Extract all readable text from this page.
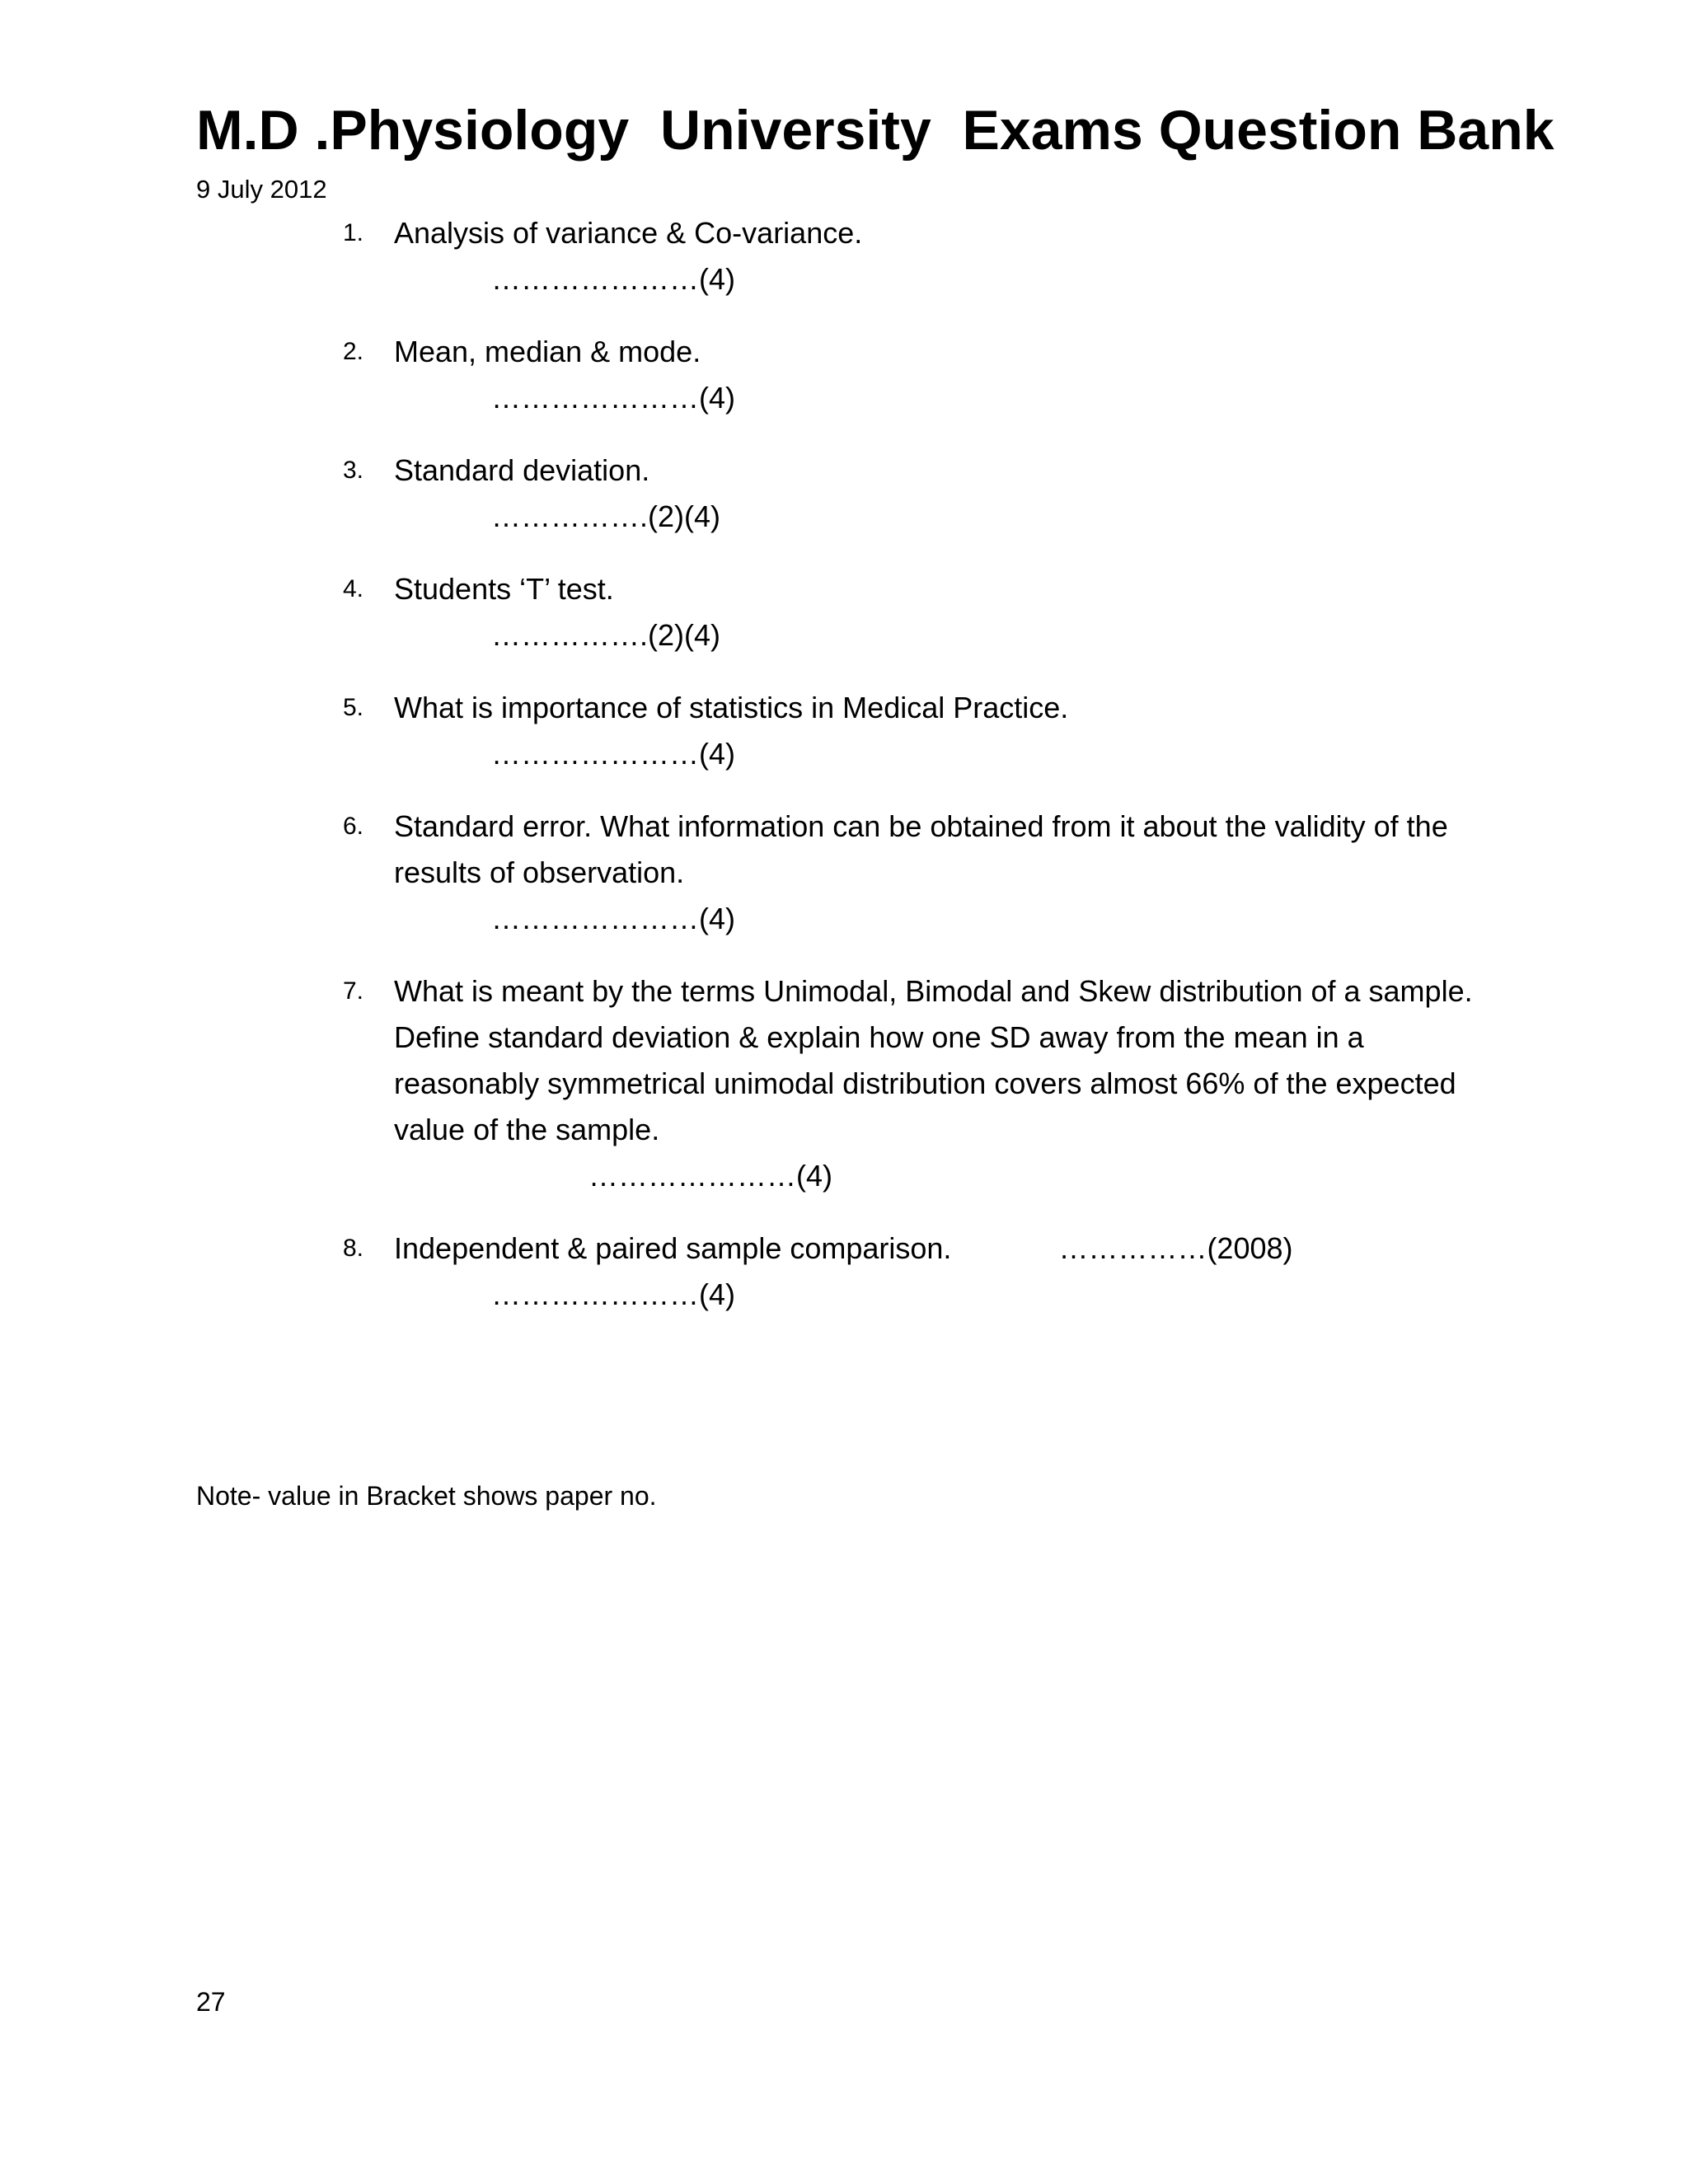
M.D .Physiology  University  Exams Question Bank
9 July 2012
1. Analysis of variance & Co-variance.
…………………(4)
2. Mean, median & mode.
…………………(4)
3. Standard deviation.
…………….(2)(4)
4. Students ‘T’ test.
…………….(2)(4)
5. What is importance of statistics in Medical Practice.
…………………(4)
6. Standard error. What information can be obtained from it about the validity of the results of observation.
…………………(4)
7. What is meant by the terms Unimodal, Bimodal and Skew distribution of a sample. Define standard deviation & explain how one SD away from the mean in a reasonably symmetrical unimodal distribution covers almost 66% of the expected value of the sample.
…………………(4)
8. Independent & paired sample comparison.	……………(2008)
…………………(4)
Note- value in Bracket shows paper no.
27
